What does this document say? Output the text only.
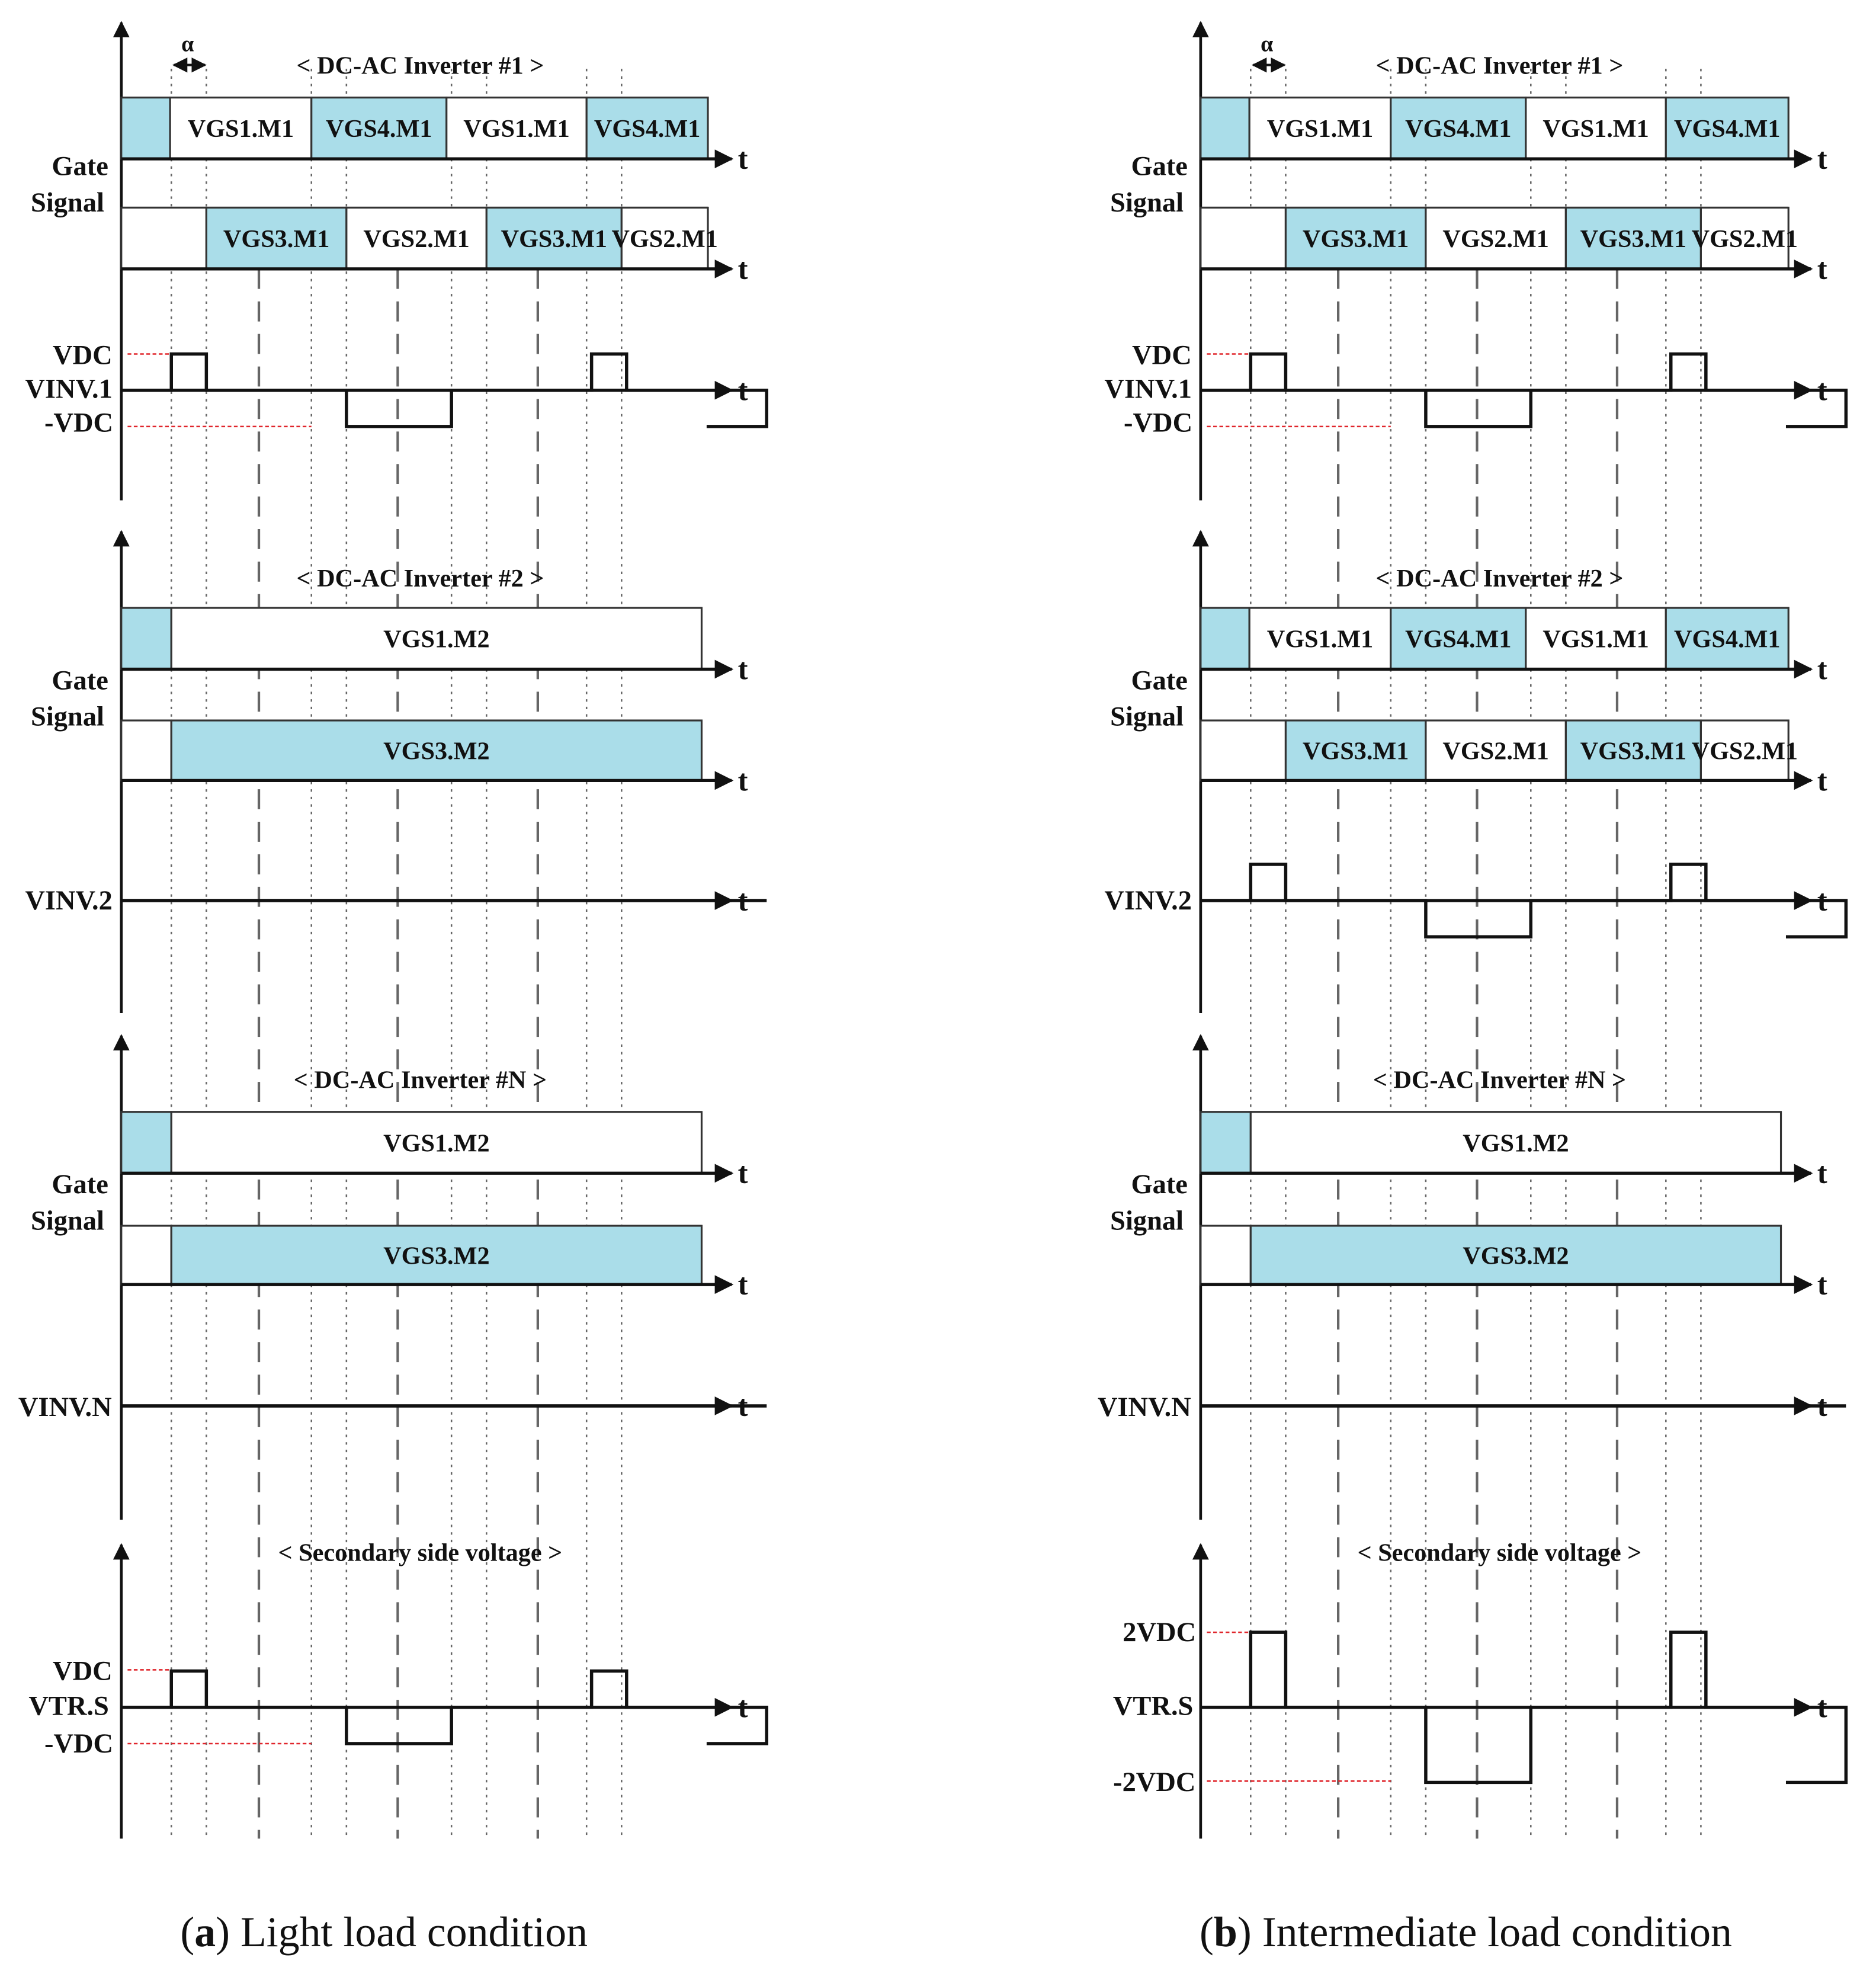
< DC-AC Inverter #1 >
α
VGS1.M1	VGS4.M1	VGS1.M1 VGS4.M1
t
VGS3.M1	VGS2.M1	VGS3.M1 VGS2.M1
t
Gate
Signal
VDC
VINV.1
-VDC
t
< DC-AC Inverter #2 >
VGS1.M2
t
VGS3.M2
t
Gate
Signal
VINV.2	t
< DC-AC Inverter #N >
VGS1.M2
t
VGS3.M2
t
Gate
Signal
VINV.N	t
< Secondary side voltage >
VDC
VTR.S
-VDC
t
< DC-AC Inverter #1 >
α
VGS1.M1	VGS4.M1	VGS1.M1 VGS4.M1
t
VGS3.M1	VGS2.M1	VGS3.M1 VGS2.M1
t
Gate
Signal
VDC
VINV.1
-VDC
t
< DC-AC Inverter #2 >
VGS1.M1	VGS4.M1	VGS1.M1 VGS4.M1
t
VGS3.M1	VGS2.M1	VGS3.M1 VGS2.M1
t
Gate
Signal
VINV.2	t
< DC-AC Inverter #N >
VGS1.M2
t
VGS3.M2
t
Gate
Signal
VINV.N	t
< Secondary side voltage >
2VDC
VTR.S
-2VDC
t
(a) Light load condition	(b) Intermediate load condition
